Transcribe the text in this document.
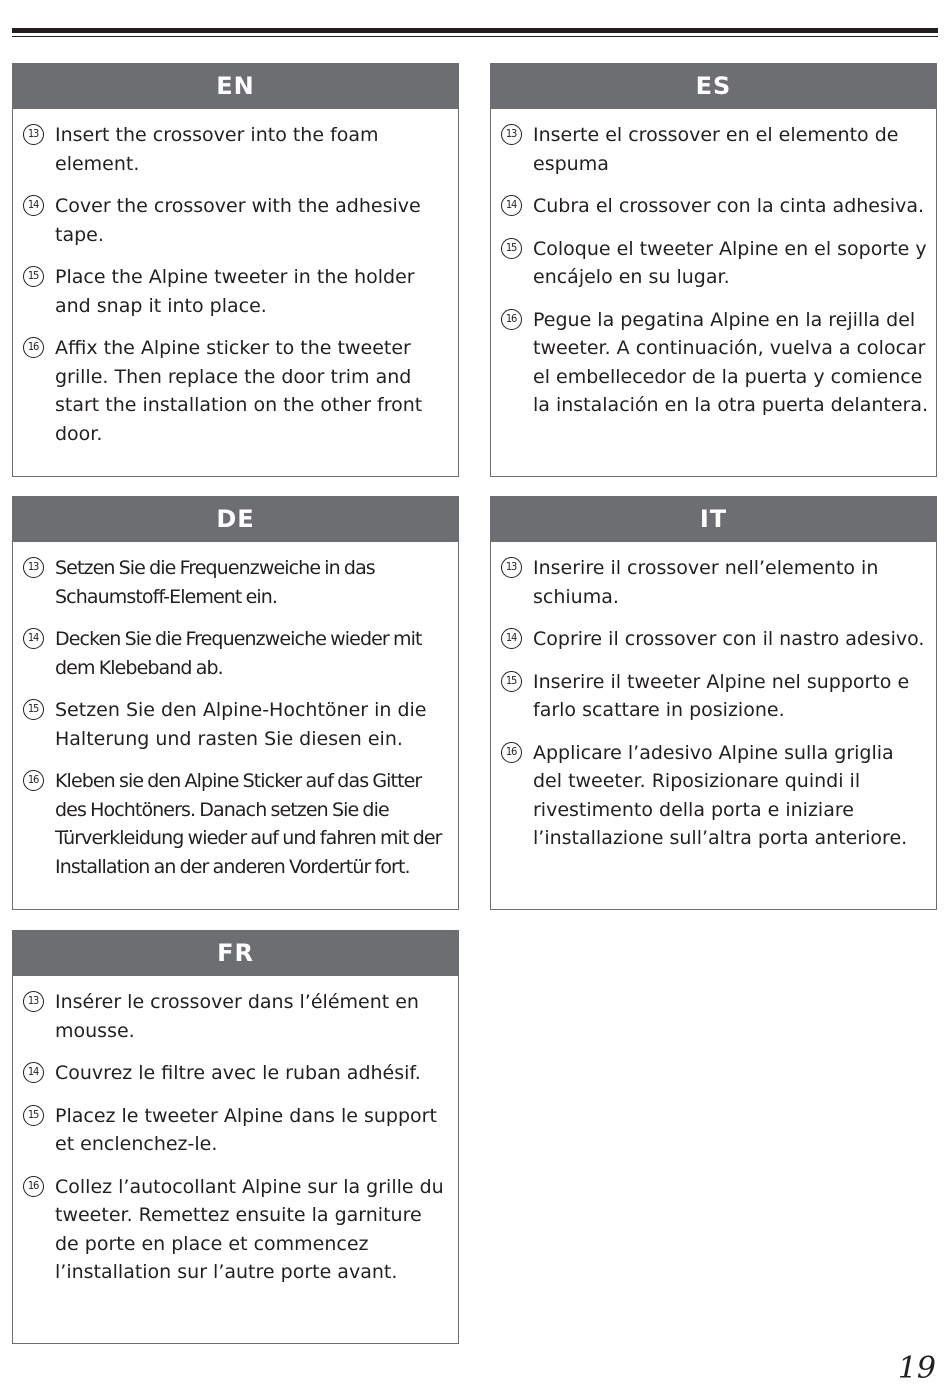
EN
13 Insert the crossover into the foam element.
14 Cover the crossover with the adhesive tape.
15 Place the Alpine tweeter in the holder and snap it into place.
16 Affix the Alpine sticker to the tweeter grille. Then replace the door trim and start the installation on the other front door.
ES
13 Inserte el crossover en el elemento de espuma
14 Cubra el crossover con la cinta adhesiva.
15 Coloque el tweeter Alpine en el soporte y encájelo en su lugar.
16 Pegue la pegatina Alpine en la rejilla del tweeter. A continuación, vuelva a colocar el embellecedor de la puerta y comience la instalación en la otra puerta delantera.
DE
13 Setzen Sie die Frequenzweiche in das Schaumstoff-Element ein.
14 Decken Sie die Frequenzweiche wieder mit dem Klebeband ab.
15 Setzen Sie den Alpine-Hochtöner in die Halterung und rasten Sie diesen ein.
16 Kleben sie den Alpine Sticker auf das Gitter des Hochtöners. Danach setzen Sie die Türverkleidung wieder auf und fahren mit der Installation an der anderen Vordertür fort.
IT
13 Inserire il crossover nell’elemento in schiuma.
14 Coprire il crossover con il nastro adesivo.
15 Inserire il tweeter Alpine nel supporto e farlo scattare in posizione.
16 Applicare l’adesivo Alpine sulla griglia del tweeter. Riposizionare quindi il rivestimento della porta e iniziare l’installazione sull’altra porta anteriore.
FR
13 Insérer le crossover dans l’élément en mousse.
14 Couvrez le filtre avec le ruban adhésif.
15 Placez le tweeter Alpine dans le support et enclenchez-le.
16 Collez l’autocollant Alpine sur la grille du tweeter. Remettez ensuite la garniture de porte en place et commencez l’installation sur l’autre porte avant.
19
